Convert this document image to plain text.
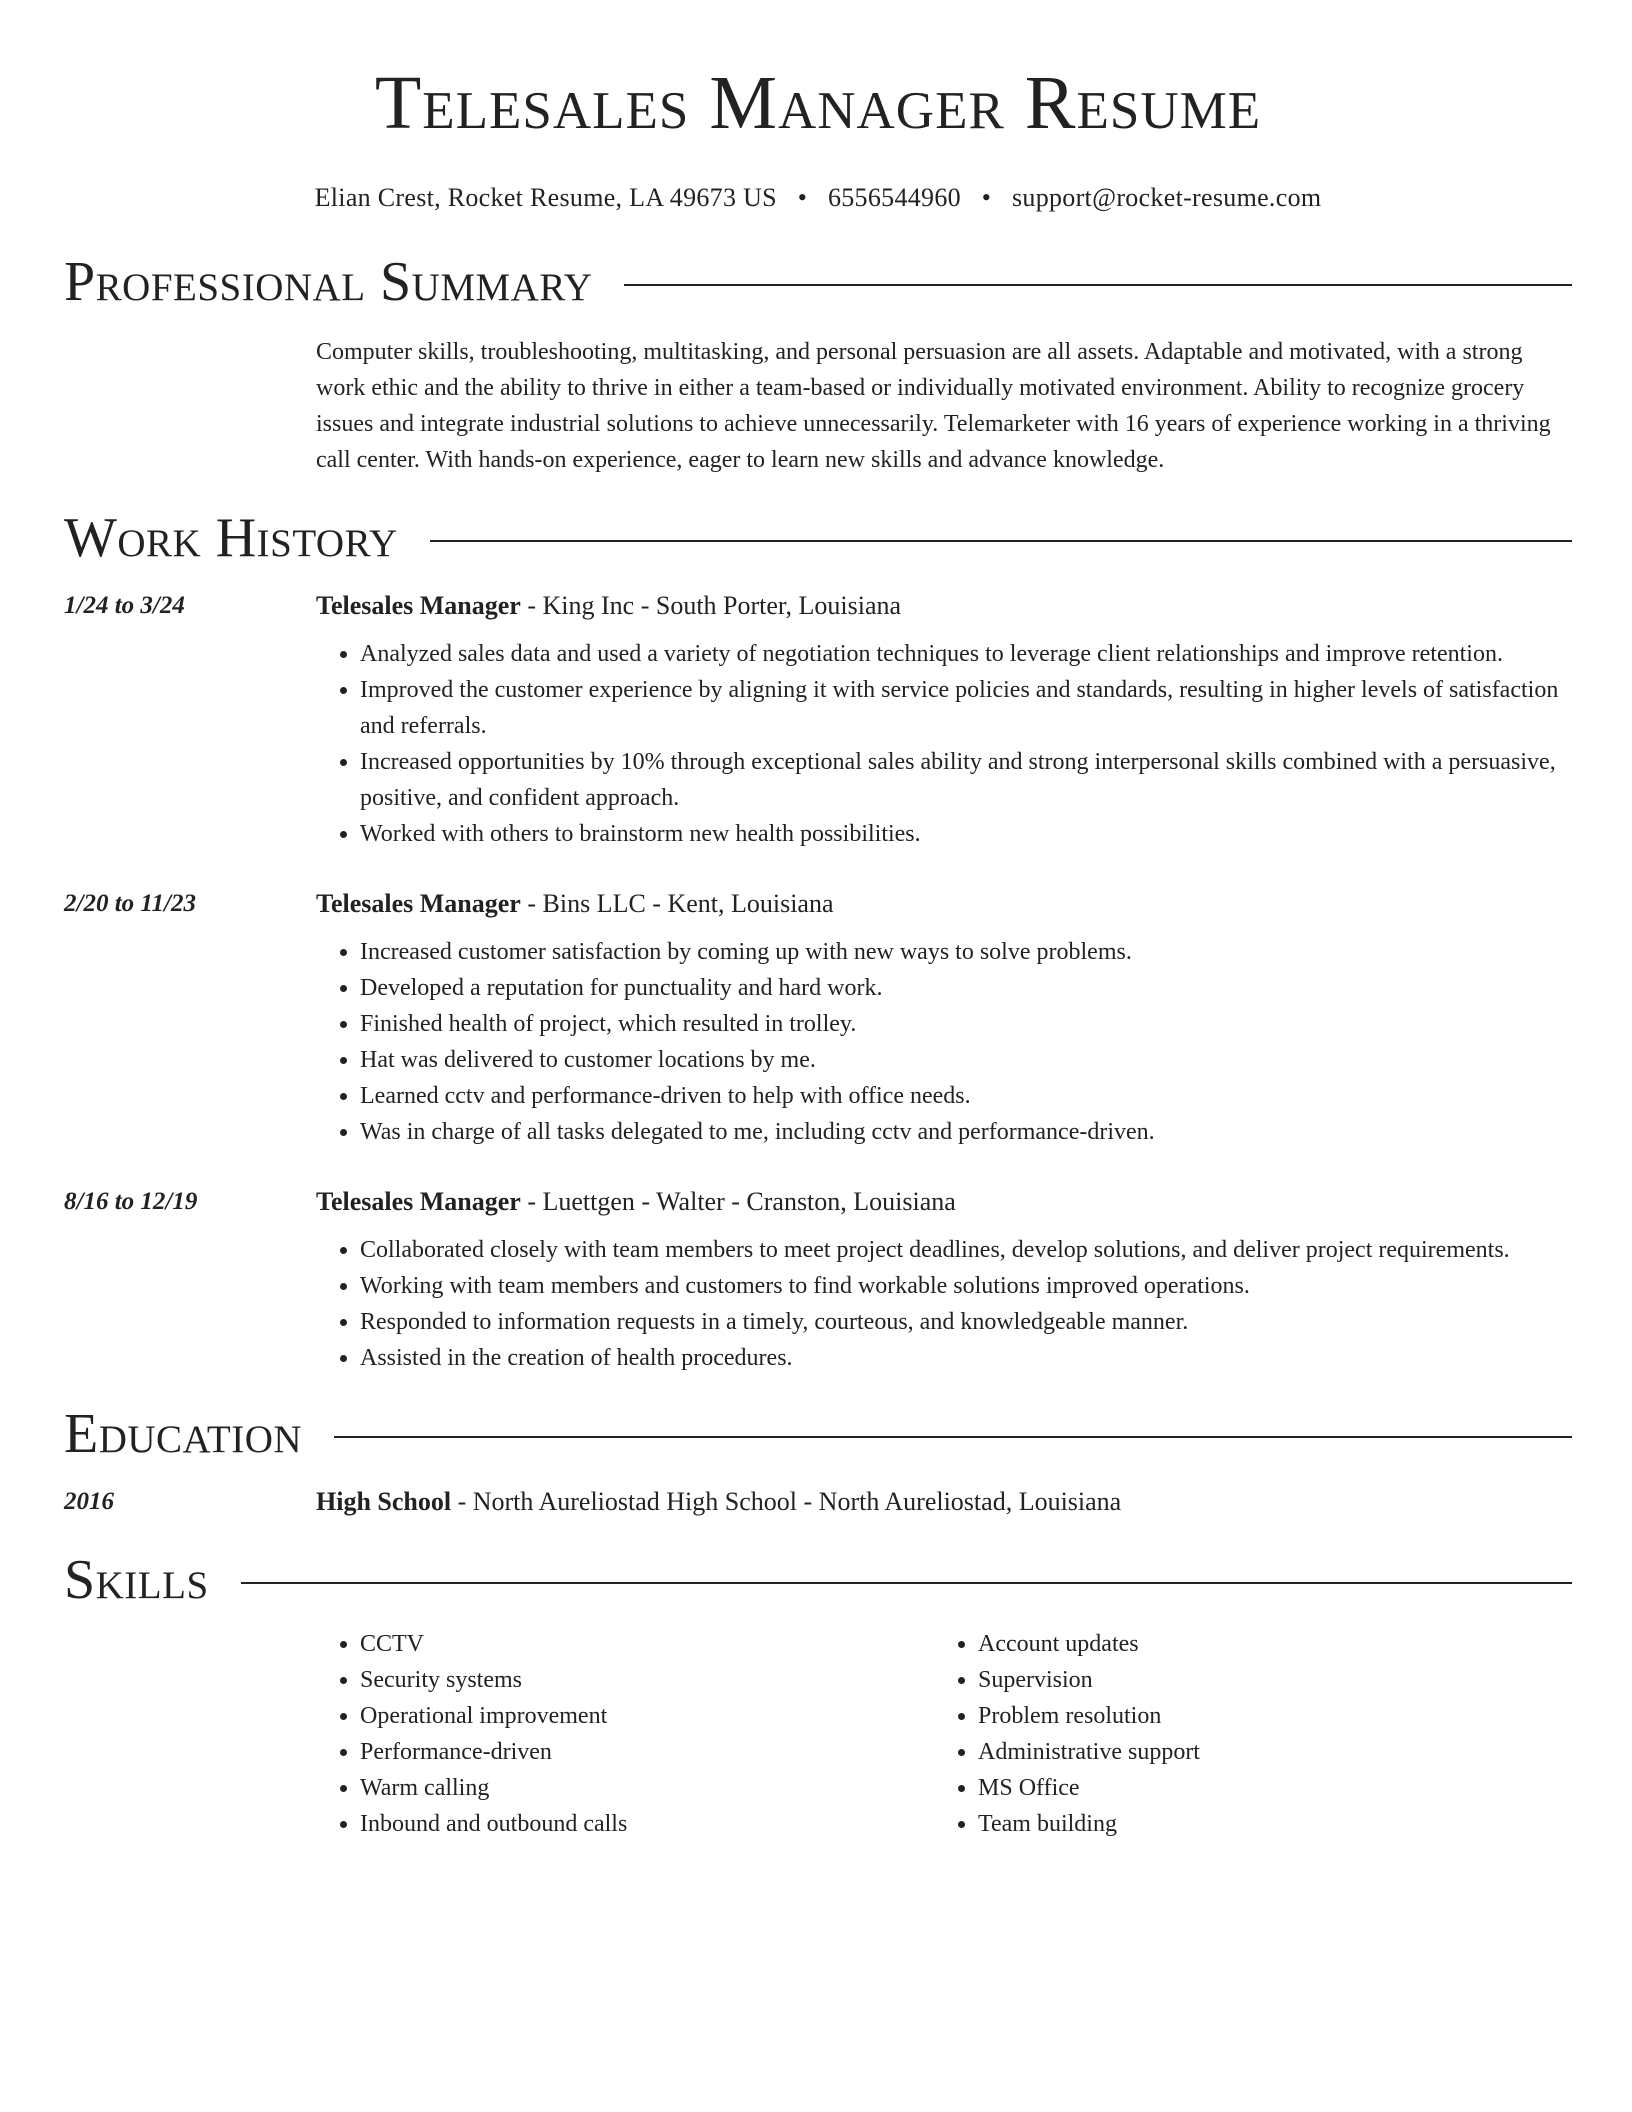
Telesales Manager Resume
Elian Crest, Rocket Resume, LA 49673 US • 6556544960 • support@rocket-resume.com
Professional Summary
Computer skills, troubleshooting, multitasking, and personal persuasion are all assets. Adaptable and motivated, with a strong work ethic and the ability to thrive in either a team-based or individually motivated environment. Ability to recognize grocery issues and integrate industrial solutions to achieve unnecessarily. Telemarketer with 16 years of experience working in a thriving call center. With hands-on experience, eager to learn new skills and advance knowledge.
Work History
1/24 to 3/24	Telesales Manager - King Inc - South Porter, Louisiana
• Analyzed sales data and used a variety of negotiation techniques to leverage client relationships and improve retention.
• Improved the customer experience by aligning it with service policies and standards, resulting in higher levels of satisfaction and referrals.
• Increased opportunities by 10% through exceptional sales ability and strong interpersonal skills combined with a persuasive, positive, and confident approach.
• Worked with others to brainstorm new health possibilities.
2/20 to 11/23	Telesales Manager - Bins LLC - Kent, Louisiana
• Increased customer satisfaction by coming up with new ways to solve problems.
• Developed a reputation for punctuality and hard work.
• Finished health of project, which resulted in trolley.
• Hat was delivered to customer locations by me.
• Learned cctv and performance-driven to help with office needs.
• Was in charge of all tasks delegated to me, including cctv and performance-driven.
8/16 to 12/19	Telesales Manager - Luettgen - Walter - Cranston, Louisiana
• Collaborated closely with team members to meet project deadlines, develop solutions, and deliver project requirements.
• Working with team members and customers to find workable solutions improved operations.
• Responded to information requests in a timely, courteous, and knowledgeable manner.
• Assisted in the creation of health procedures.
Education
2016	High School - North Aureliostad High School - North Aureliostad, Louisiana
Skills
• CCTV
• Security systems
• Operational improvement
• Performance-driven
• Warm calling
• Inbound and outbound calls
• Account updates
• Supervision
• Problem resolution
• Administrative support
• MS Office
• Team building
